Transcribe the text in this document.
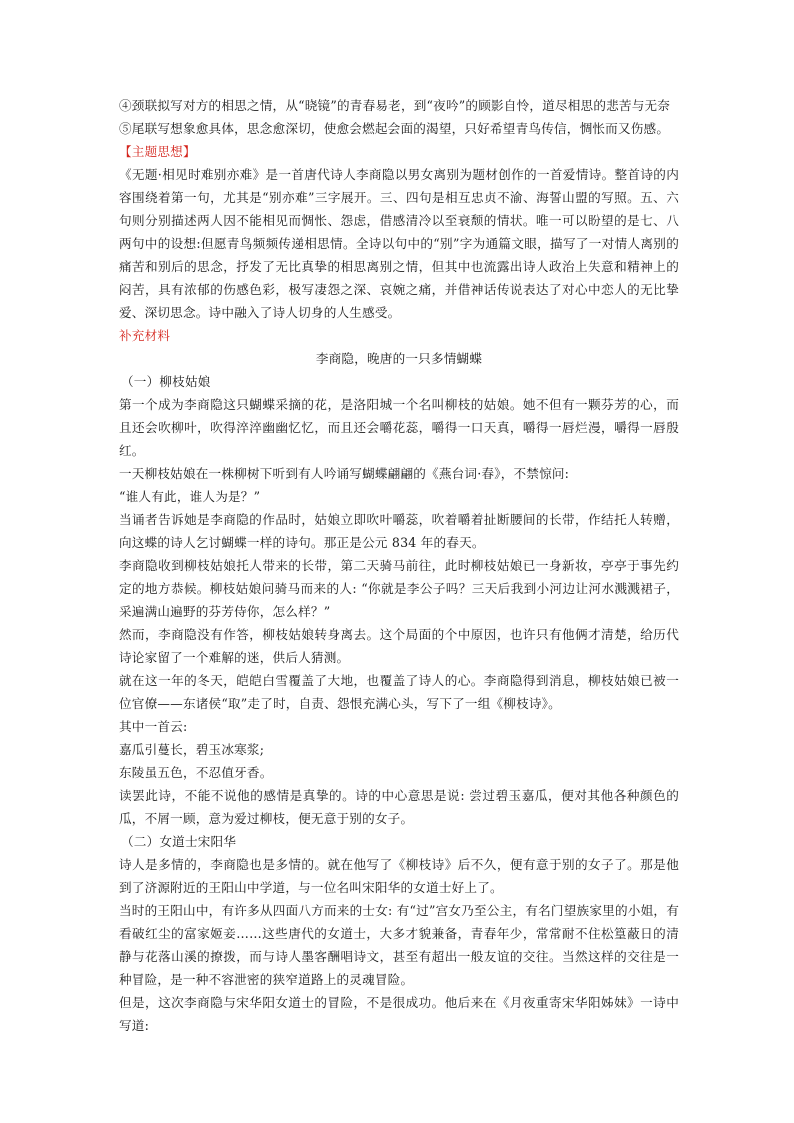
④颈联拟写对方的相思之情，从“晓镜”的青春易老，到“夜吟”的顾影自怜，道尽相思的悲苦与无奈

⑤尾联写想象愈具体，思念愈深切，使愈会燃起会面的渴望，只好希望青鸟传信，惆怅而又伤感。

【主题思想】

《无题·相见时难别亦难》是一首唐代诗人李商隐以男女离别为题材创作的一首爱情诗。整首诗的内容围绕着第一句，尤其是“别亦难”三字展开。三、四句是相互忠贞不渝、海誓山盟的写照。五、六句则分别描述两人因不能相见而惆怅、怨虑，借感清冷以至衰颓的情状。唯一可以盼望的是七、八两句中的设想:但愿青鸟频频传递相思情。全诗以句中的“别”字为通篇文眼，描写了一对情人离别的痛苦和别后的思念，抒发了无比真挚的相思离别之情，但其中也流露出诗人政治上失意和精神上的闷苦，具有浓郁的伤感色彩，极写凄怨之深、哀婉之痛，并借神话传说表达了对心中恋人的无比挚爱、深切思念。诗中融入了诗人切身的人生感受。

补充材料

李商隐，晚唐的一只多情蝴蝶

（一）柳枝姑娘

第一个成为李商隐这只蝴蝶采摘的花，是洛阳城一个名叫柳枝的姑娘。她不但有一颗芬芳的心，而且还会吹柳叶，吹得淬淬幽幽忆忆，而且还会嚼花蕊，嚼得一口天真，嚼得一唇烂漫，嚼得一唇殷红。

一天柳枝姑娘在一株柳树下听到有人吟诵写蝴蝶翩翩的《燕台词·春》，不禁惊问:

“谁人有此，谁人为是？”

当诵者告诉她是李商隐的作品时，姑娘立即吹叶嚼蕊，吹着嚼着扯断腰间的长带，作结托人转赠，向这蝶的诗人乞讨蝴蝶一样的诗句。那正是公元 834 年的春天。

李商隐收到柳枝姑娘托人带来的长带，第二天骑马前往，此时柳枝姑娘已一身新妆，亭亭于事先约定的地方恭候。柳枝姑娘问骑马而来的人: “你就是李公子吗？三天后我到小河边让河水溅溅裙子，采遍满山遍野的芬芳侍你，怎么样？”

然而，李商隐没有作答，柳枝姑娘转身离去。这个局面的个中原因，也许只有他俩才清楚，给历代诗论家留了一个难解的迷，供后人猜测。

就在这一年的冬天，皑皑白雪覆盖了大地，也覆盖了诗人的心。李商隐得到消息，柳枝姑娘已被一位官僚——东诸侯“取”走了时，自责、怨恨充满心头，写下了一组《柳枝诗》。

其中一首云:

嘉瓜引蔓长，碧玉冰寒浆;

东陵虽五色，不忍值牙香。

读罢此诗，不能不说他的感情是真挚的。诗的中心意思是说: 尝过碧玉嘉瓜，便对其他各种颜色的瓜，不屑一顾，意为爱过柳枝，便无意于别的女子。

（二）女道士宋阳华

诗人是多情的，李商隐也是多情的。就在他写了《柳枝诗》后不久，便有意于别的女子了。那是他到了济源附近的王阳山中学道，与一位名叫宋阳华的女道士好上了。

当时的王阳山中，有许多从四面八方而来的士女: 有“过”宫女乃至公主，有名门望族家里的小姐，有看破红尘的富家姬妾……这些唐代的女道士，大多才貌兼备，青春年少，常常耐不住松篁蔽日的清静与花落山溪的撩拨，而与诗人墨客酬唱诗文，甚至有超出一般友谊的交往。当然这样的交往是一种冒险，是一种不容泄密的狭窄道路上的灵魂冒险。

但是，这次李商隐与宋华阳女道士的冒险，不是很成功。他后来在《月夜重寄宋华阳姊妹》一诗中写道:
